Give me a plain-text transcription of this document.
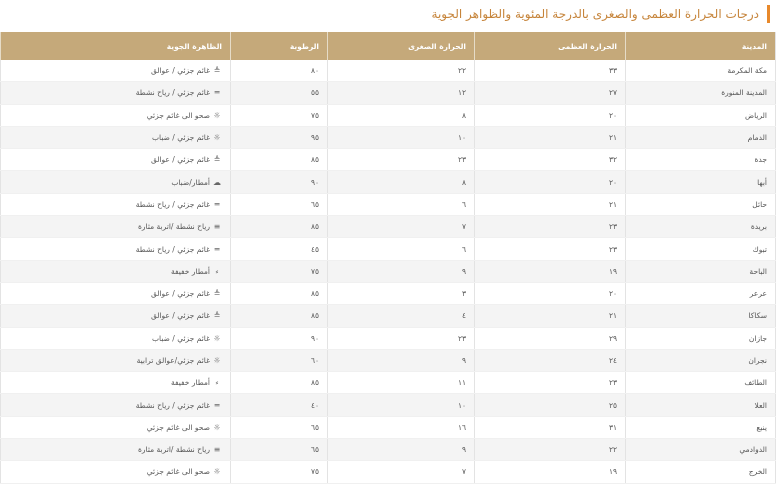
درجات الحرارة العظمى والصغرى بالدرجة المئوية والظواهر الجوية
المدينة	الحرارة العظمى	الحرارة الصغرى	الرطوبة	الظاهرة الجوية
مكة المكرمة	٣٣	٢٢	٨٠	≜غائم جزئي / عوالق
المدينة المنورة	٢٧	١٢	٥٥	═غائم جزئي / رياح نشطة
الرياض	٢٠	٨	٧٥	☼صحو الى غائم جزئي
الدمام	٢١	١٠	٩٥	☼غائم جزئي / ضباب
جدة	٣٢	٢٣	٨٥	≜غائم جزئي / عوالق
أبها	٢٠	٨	٩٠	☁أمطار/ضباب
حائل	٢١	٦	٦٥	═غائم جزئي / رياح نشطة
بريدة	٢٣	٧	٨٥	≡رياح نشطة /اتربة مثارة
تبوك	٢٣	٦	٤٥	═غائم جزئي / رياح نشطة
الباحة	١٩	٩	٧٥	⸗أمطار خفيفة
عرعر	٢٠	٣	٨٥	≜غائم جزئي / عوالق
سكاكا	٢١	٤	٨٥	≜غائم جزئي / عوالق
جازان	٢٩	٢٣	٩٠	☼غائم جزئي / ضباب
نجران	٢٤	٩	٦٠	☼غائم جزئي/عوالق ترابية
الطائف	٢٣	١١	٨٥	⸗أمطار خفيفة
العلا	٢٥	١٠	٤٠	═غائم جزئي / رياح نشطة
ينبع	٣١	١٦	٦٥	☼صحو الى غائم جزئي
الدوادمي	٢٢	٩	٦٥	≡رياح نشطة /اتربة مثارة
الخرج	١٩	٧	٧٥	☼صحو الى غائم جزئي
